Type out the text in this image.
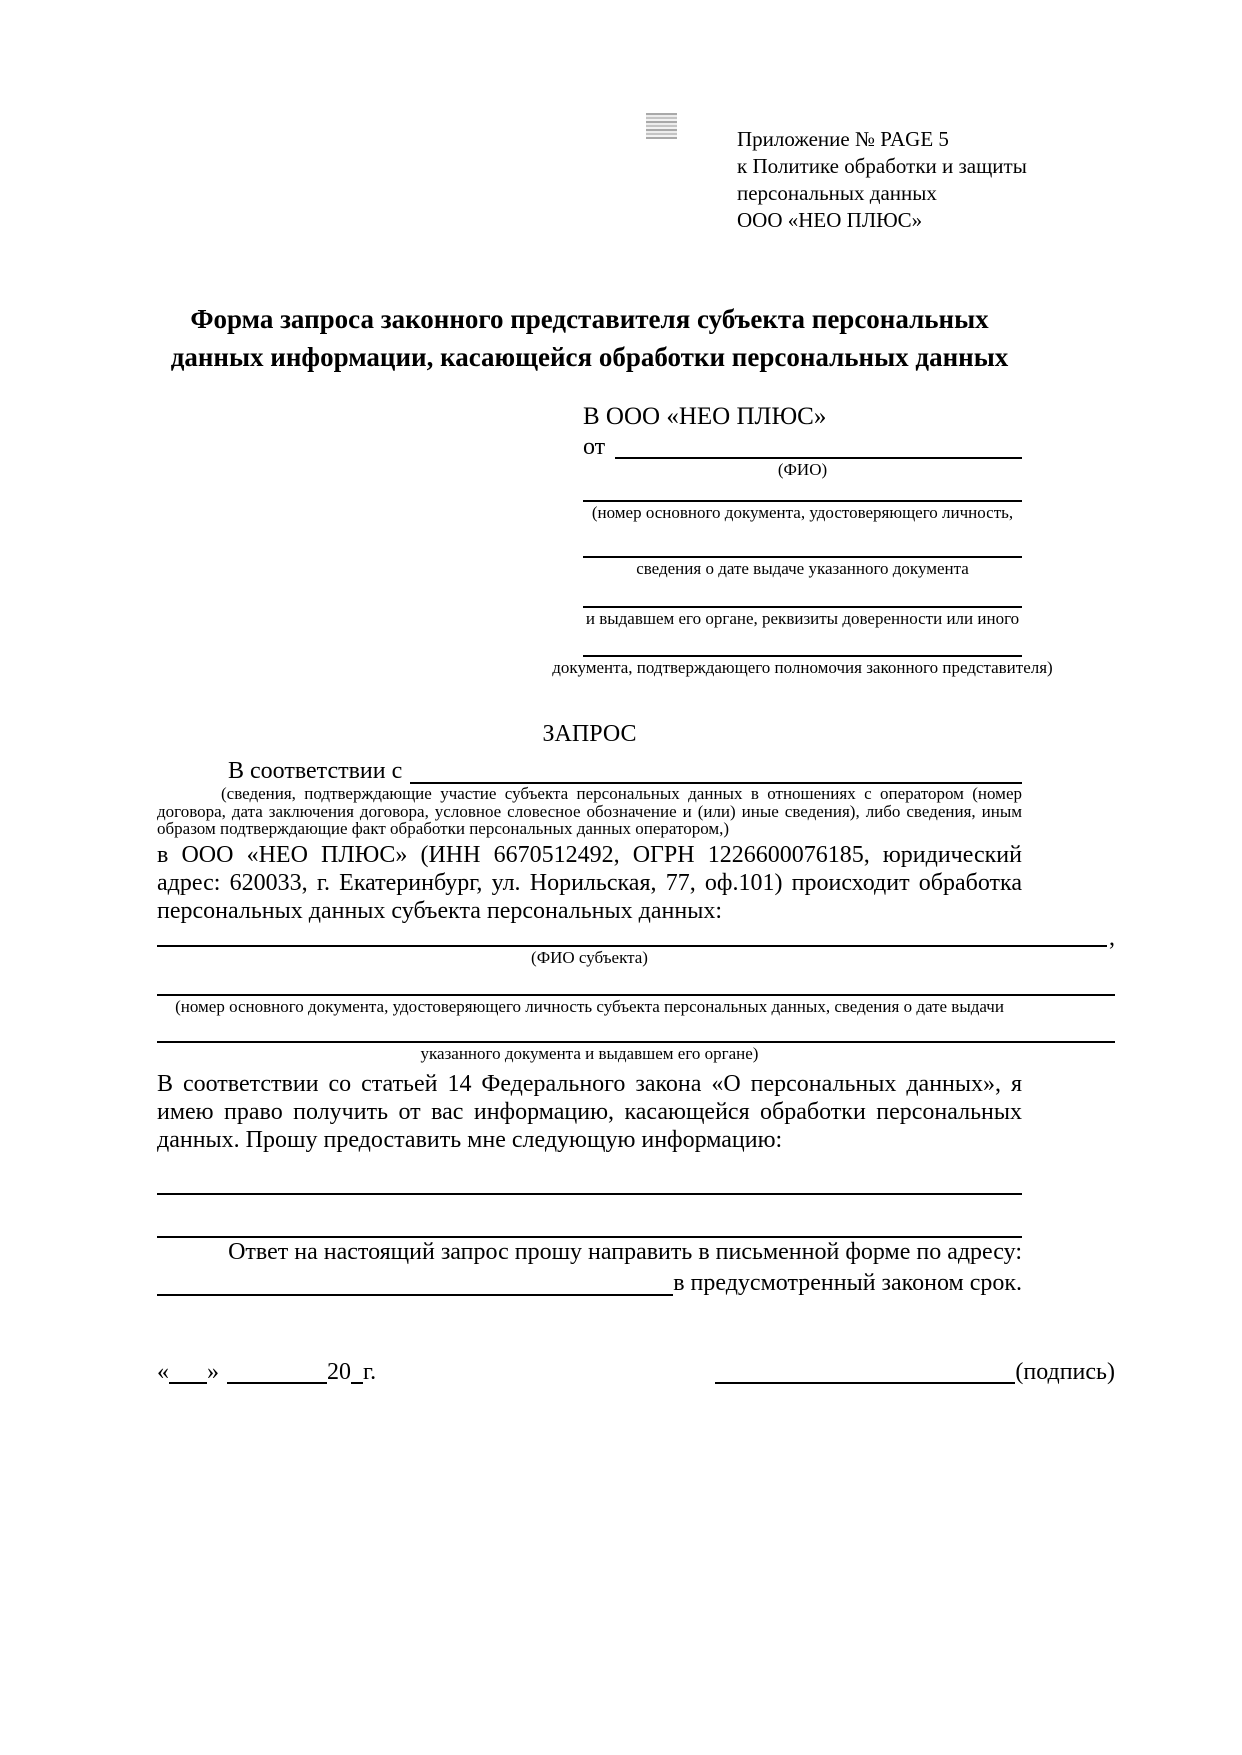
Приложение № PAGE 5
к Политике обработки и защиты
персональных данных
ООО «НЕО ПЛЮС»
Форма запроса законного представителя субъекта персональных данных информации, касающейся обработки персональных данных
В ООО «НЕО ПЛЮС»
от
(ФИО)
(номер основного документа, удостоверяющего личность,
сведения о дате выдаче указанного документа
и выдавшем его органе, реквизиты доверенности или иного
документа, подтверждающего полномочия законного представителя)
ЗАПРОС
В соответствии с
(сведения, подтверждающие участие субъекта персональных данных в отношениях с оператором (номер договора, дата заключения договора, условное словесное обозначение и (или) иные сведения), либо сведения, иным образом подтверждающие факт обработки персональных данных оператором,)

в ООО «НЕО ПЛЮС» (ИНН 6670512492, ОГРН 1226600076185, юридический адрес: 620033, г. Екатеринбург, ул. Норильская, 77, оф.101) происходит обработка персональных данных субъекта персональных данных:

,
(ФИО субъекта)
(номер основного документа, удостоверяющего личность субъекта персональных данных, сведения о дате выдачи
указанного документа и выдавшем его органе)

В соответствии со статьей 14 Федерального закона «О персональных данных», я имею право получить от вас информацию, касающейся обработки персональных данных. Прошу предоставить мне следующую информацию:

Ответ на настоящий запрос прошу направить в письменной форме по адресу:
в предусмотренный законом срок.
« »	20 г.	(подпись)
